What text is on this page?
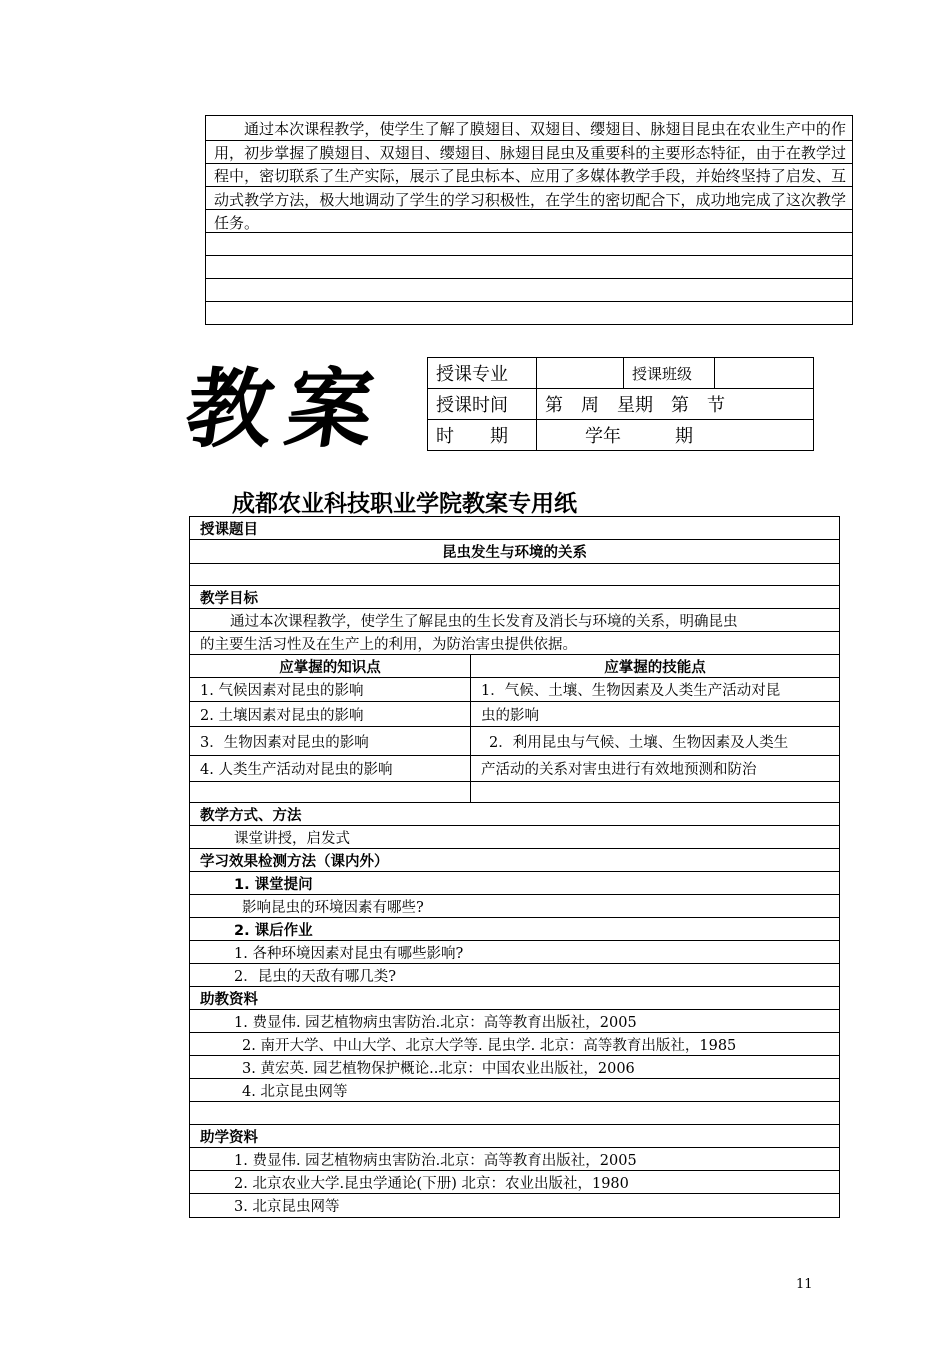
通过本次课程教学，使学生了解了膜翅目、双翅目、缨翅目、脉翅目昆虫在农业生产中的作用，初步掌握了膜翅目、双翅目、缨翅目、脉翅目昆虫及重要科的主要形态特征，由于在教学过程中，密切联系了生产实际，展示了昆虫标本、应用了多媒体教学手段，并始终坚持了启发、互动式教学方法，极大地调动了学生的学习积极性，在学生的密切配合下，成功地完成了这次教学任务。
教案 授课专业		授课班级	
授课时间	第　周　星期　第　节		
时　　期	学年　　　期		
成都农业科技职业学院教案专用纸
授课题目
昆虫发生与环境的关系
教学目标
通过本次课程教学，使学生了解昆虫的生长发育及消长与环境的关系，明确昆虫
的主要生活习性及在生产上的利用，为防治害虫提供依据。
应掌握的知识点	应掌握的技能点
1. 气候因素对昆虫的影响	1．气候、土壤、生物因素及人类生产活动对昆
2. 土壤因素对昆虫的影响	虫的影响
3．生物因素对昆虫的影响	2．利用昆虫与气候、土壤、生物因素及人类生
4. 人类生产活动对昆虫的影响	产活动的关系对害虫进行有效地预测和防治
教学方式、方法
课堂讲授，启发式
学习效果检测方法（课内外）
1. 课堂提问
影响昆虫的环境因素有哪些?
2. 课后作业
1. 各种环境因素对昆虫有哪些影响?
2．昆虫的天敌有哪几类?
助教资料
1. 费显伟. 园艺植物病虫害防治.北京：高等教育出版社，2005
2. 南开大学、中山大学、北京大学等. 昆虫学. 北京：高等教育出版社，1985
3. 黄宏英. 园艺植物保护概论..北京：中国农业出版社，2006
4. 北京昆虫网等
助学资料
1. 费显伟. 园艺植物病虫害防治.北京：高等教育出版社，2005
2. 北京农业大学.昆虫学通论(下册) 北京：农业出版社，1980
3. 北京昆虫网等
11
